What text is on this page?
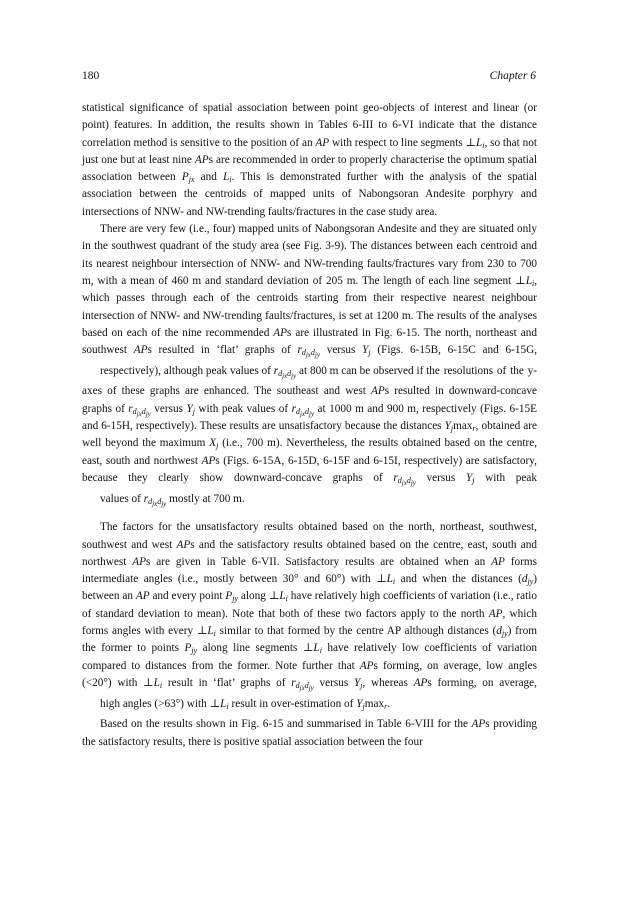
180	Chapter 6

statistical significance of spatial association between point geo-objects of interest and linear (or point) features. In addition, the results shown in Tables 6-III to 6-VI indicate that the distance correlation method is sensitive to the position of an AP with respect to line segments $\perp L_i$, so that not just one but at least nine APs are recommended in order to properly characterise the optimum spatial association between $P_{jx}$ and $L_i$. This is demonstrated further with the analysis of the spatial association between the centroids of mapped units of Nabongsoran Andesite porphyry and intersections of NNW- and NW-trending faults/fractures in the case study area.

There are very few (i.e., four) mapped units of Nabongsoran Andesite and they are situated only in the southwest quadrant of the study area (see Fig. 3-9). The distances between each centroid and its nearest neighbour intersection of NNW- and NW-trending faults/fractures vary from 230 to 700 m, with a mean of 460 m and standard deviation of 205 m. The length of each line segment $\perp L_i$, which passes through each of the centroids starting from their respective nearest neighbour intersection of NNW- and NW-trending faults/fractures, is set at 1200 m. The results of the analyses based on each of the nine recommended APs are illustrated in Fig. 6-15. The north, northeast and southwest APs resulted in ‘flat’ graphs of $r_{d_{jx}d_{jy}}$ versus $Y_j$ (Figs. 6-15B, 6-15C and 6-15G, respectively), although peak values of $r_{d_{jx}d_{jy}}$ at 800 m can be observed if the resolutions of the y-axes of these graphs are enhanced. The southeast and west APs resulted in downward-concave graphs of $r_{d_{jx}d_{jy}}$ versus $Y_j$ with peak values of $r_{d_{jx}d_{jy}}$ at 1000 m and 900 m, respectively (Figs. 6-15E and 6-15H, respectively). These results are unsatisfactory because the distances $Y_j\max_r$, obtained are well beyond the maximum $X_j$ (i.e., 700 m). Nevertheless, the results obtained based on the centre, east, south and northwest APs (Figs. 6-15A, 6-15D, 6-15F and 6-15I, respectively) are satisfactory, because they clearly show downward-concave graphs of $r_{d_{jx}d_{jy}}$ versus $Y_j$ with peak values of $r_{d_{jx}d_{jy}}$ mostly at 700 m.

The factors for the unsatisfactory results obtained based on the north, northeast, southwest, southwest and west APs and the satisfactory results obtained based on the centre, east, south and northwest APs are given in Table 6-VII. Satisfactory results are obtained when an AP forms intermediate angles (i.e., mostly between 30° and 60°) with $\perp L_i$ and when the distances $(d_{jy})$ between an AP and every point $P_{jy}$ along $\perp L_i$ have relatively high coefficients of variation (i.e., ratio of standard deviation to mean). Note that both of these two factors apply to the north AP, which forms angles with every $\perp L_i$ similar to that formed by the centre AP although distances $(d_{jy})$ from the former to points $P_{jy}$ along line segments $\perp L_i$ have relatively low coefficients of variation compared to distances from the former. Note further that APs forming, on average, low angles (<20°) with $\perp L_i$ result in ‘flat’ graphs of $r_{d_{jx}d_{jy}}$ versus $Y_j$, whereas APs forming, on average, high angles (>63°) with $\perp L_i$ result in over-estimation of $Y_j\max_r$.

Based on the results shown in Fig. 6-15 and summarised in Table 6-VIII for the APs providing the satisfactory results, there is positive spatial association between the four
